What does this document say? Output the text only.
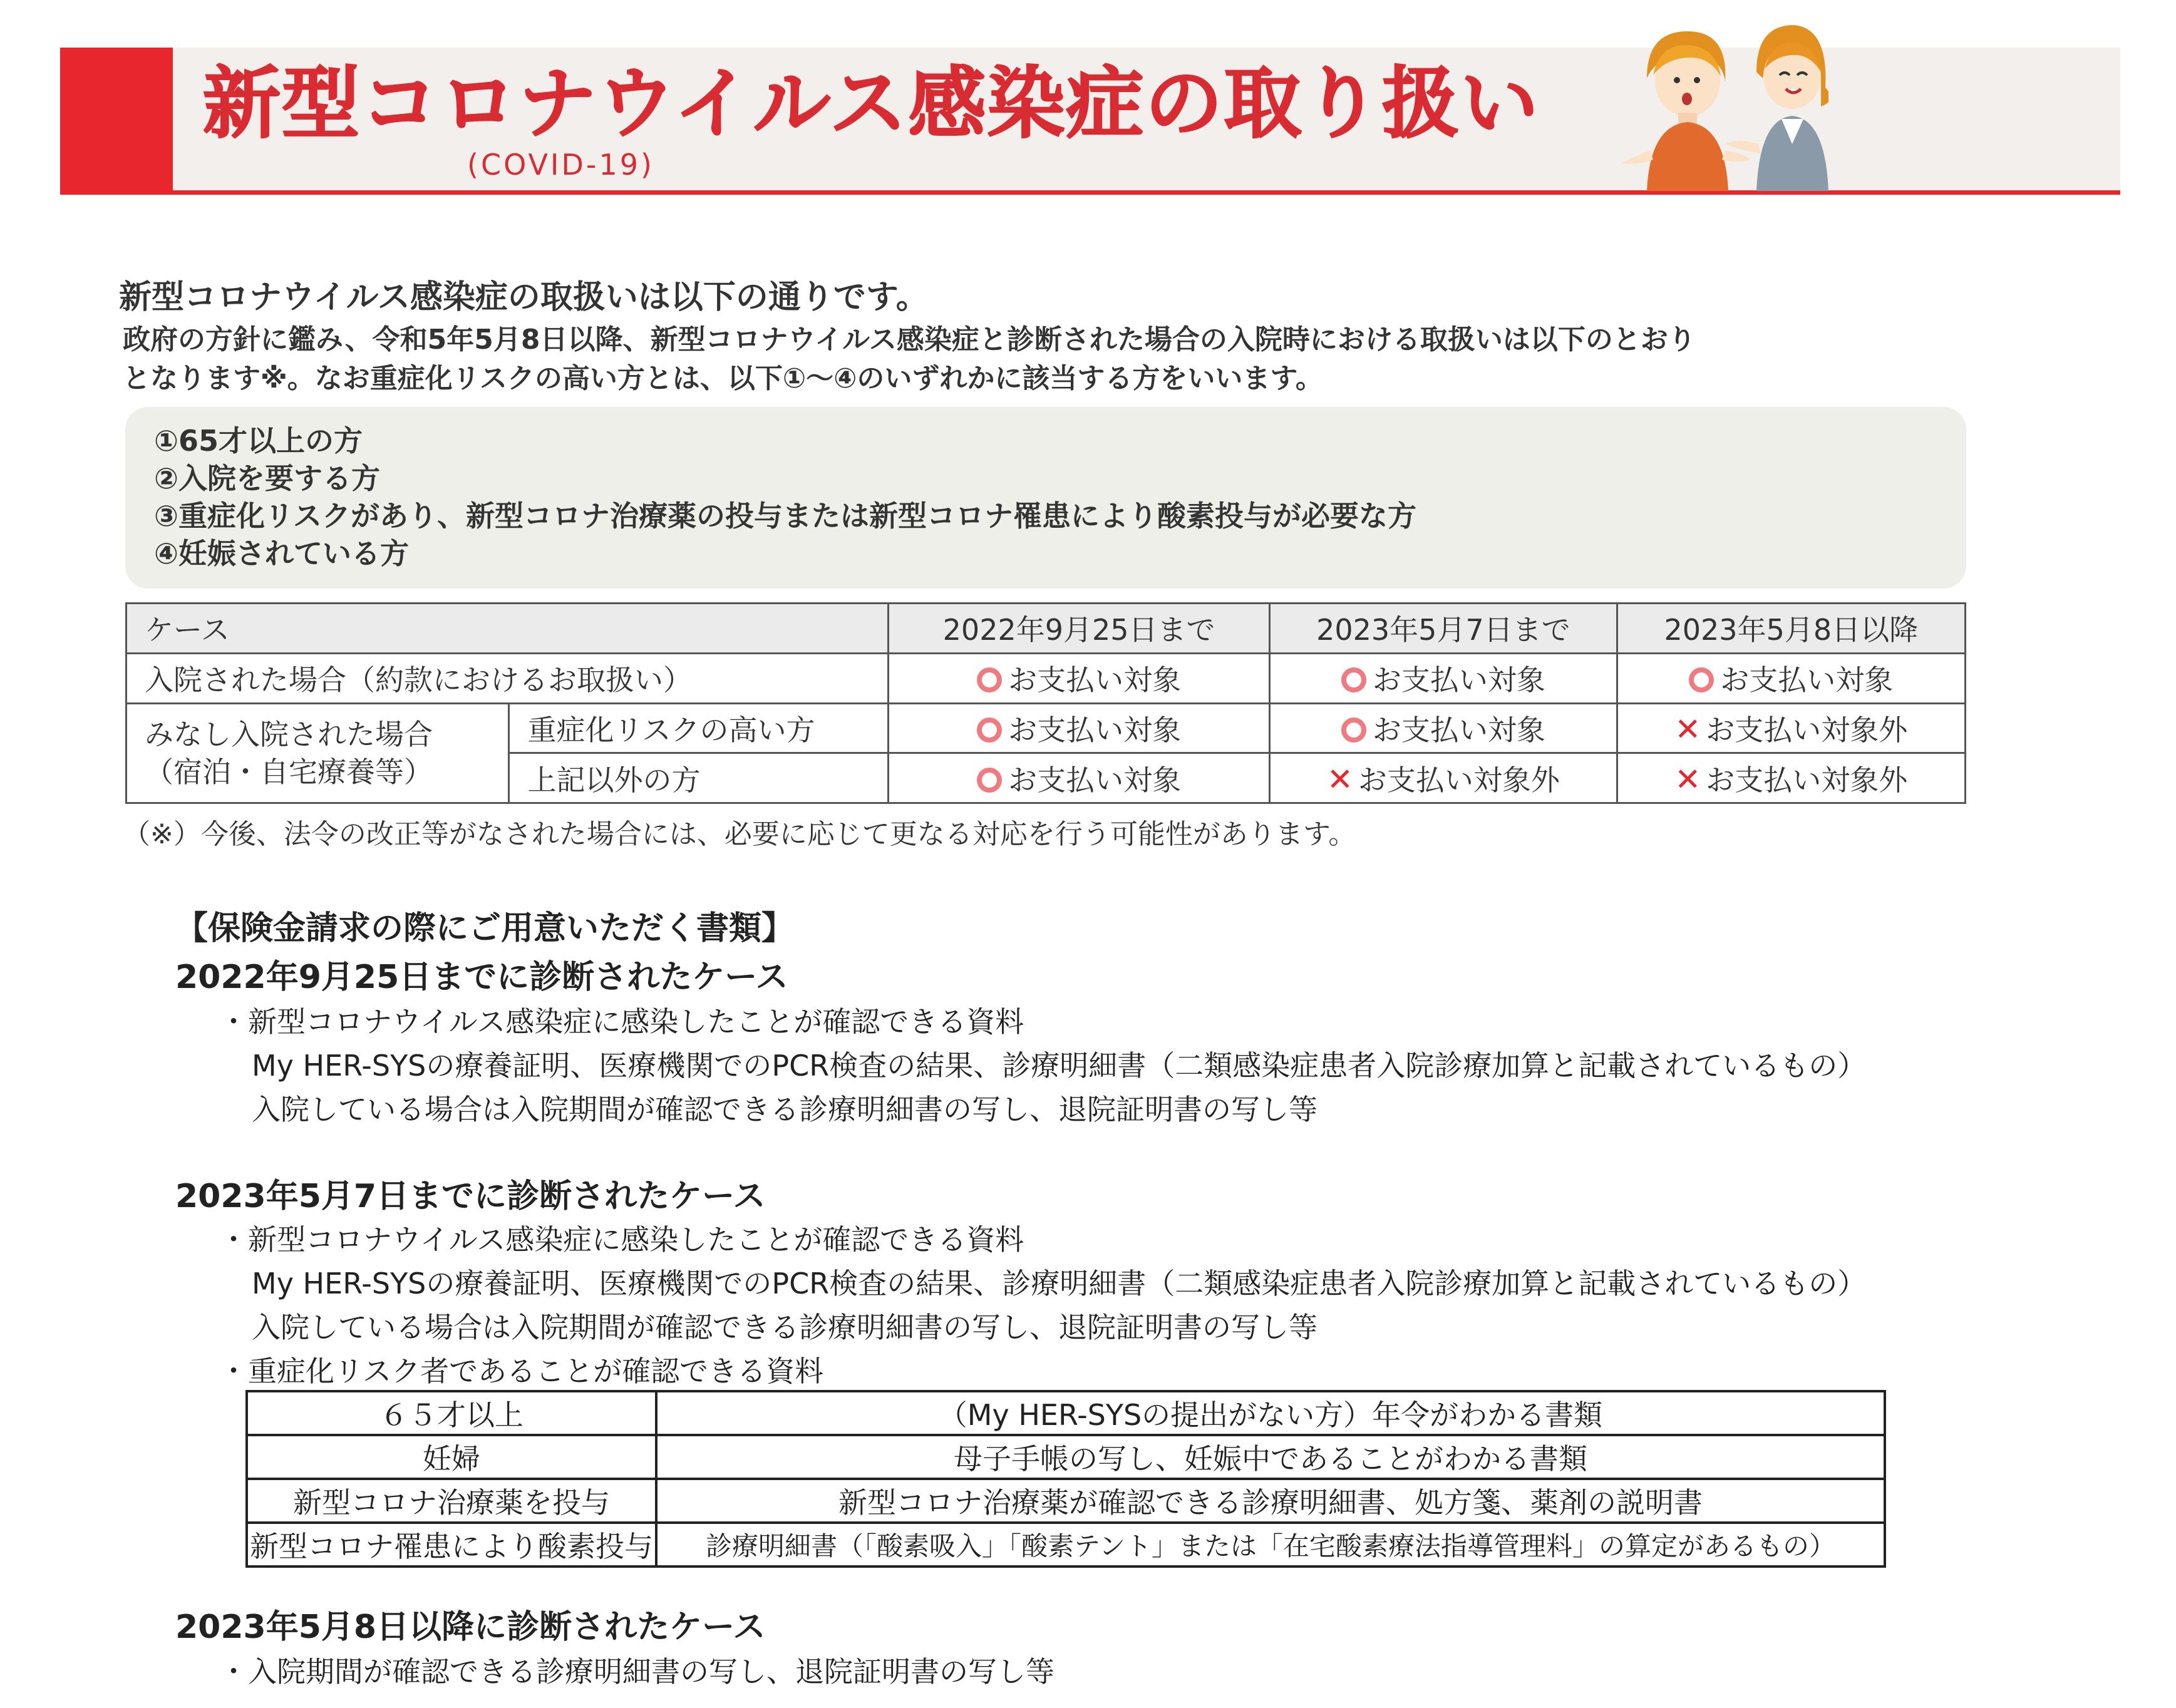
新型コロナウイルス感染症の取り扱い
(COVID-19)
新型コロナウイルス感染症の取扱いは以下の通りです。
政府の方針に鑑み、令和5年5月8日以降、新型コロナウイルス感染症と診断された場合の入院時における取扱いは以下のとおり
となります※。なお重症化リスクの高い方とは、以下①～④のいずれかに該当する方をいいます。
①65才以上の方
②入院を要する方
③重症化リスクがあり、新型コロナ治療薬の投与または新型コロナ罹患により酸素投与が必要な方
④妊娠されている方
ケース		2022年9月25日まで	2023年5月7日まで	2023年5月8日以降
入院された場合（約款におけるお取扱い）		お支払い対象	お支払い対象	お支払い対象

みなし入院された場合
（宿泊・自宅療養等）	重症化リスクの高い方	お支払い対象	お支払い対象	✕ お支払い対象外
	上記以外の方	お支払い対象	✕ お支払い対象外	✕ お支払い対象外
（※）今後、法令の改正等がなされた場合には、必要に応じて更なる対応を行う可能性があります。
【保険金請求の際にご用意いただく書類】
2022年9月25日までに診断されたケース
・新型コロナウイルス感染症に感染したことが確認できる資料
My HER-SYSの療養証明、医療機関でのPCR検査の結果、診療明細書（二類感染症患者入院診療加算と記載されているもの）
入院している場合は入院期間が確認できる診療明細書の写し、退院証明書の写し等
2023年5月7日までに診断されたケース
・新型コロナウイルス感染症に感染したことが確認できる資料
My HER-SYSの療養証明、医療機関でのPCR検査の結果、診療明細書（二類感染症患者入院診療加算と記載されているもの）
入院している場合は入院期間が確認できる診療明細書の写し、退院証明書の写し等
・重症化リスク者であることが確認できる資料
６５才以上	（My HER-SYSの提出がない方）年令がわかる書類
妊婦	母子手帳の写し、妊娠中であることがわかる書類
新型コロナ治療薬を投与	新型コロナ治療薬が確認できる診療明細書、処方箋、薬剤の説明書
新型コロナ罹患により酸素投与	診療明細書（「酸素吸入」「酸素テント」または「在宅酸素療法指導管理料」の算定があるもの）
2023年5月8日以降に診断されたケース
・入院期間が確認できる診療明細書の写し、退院証明書の写し等
